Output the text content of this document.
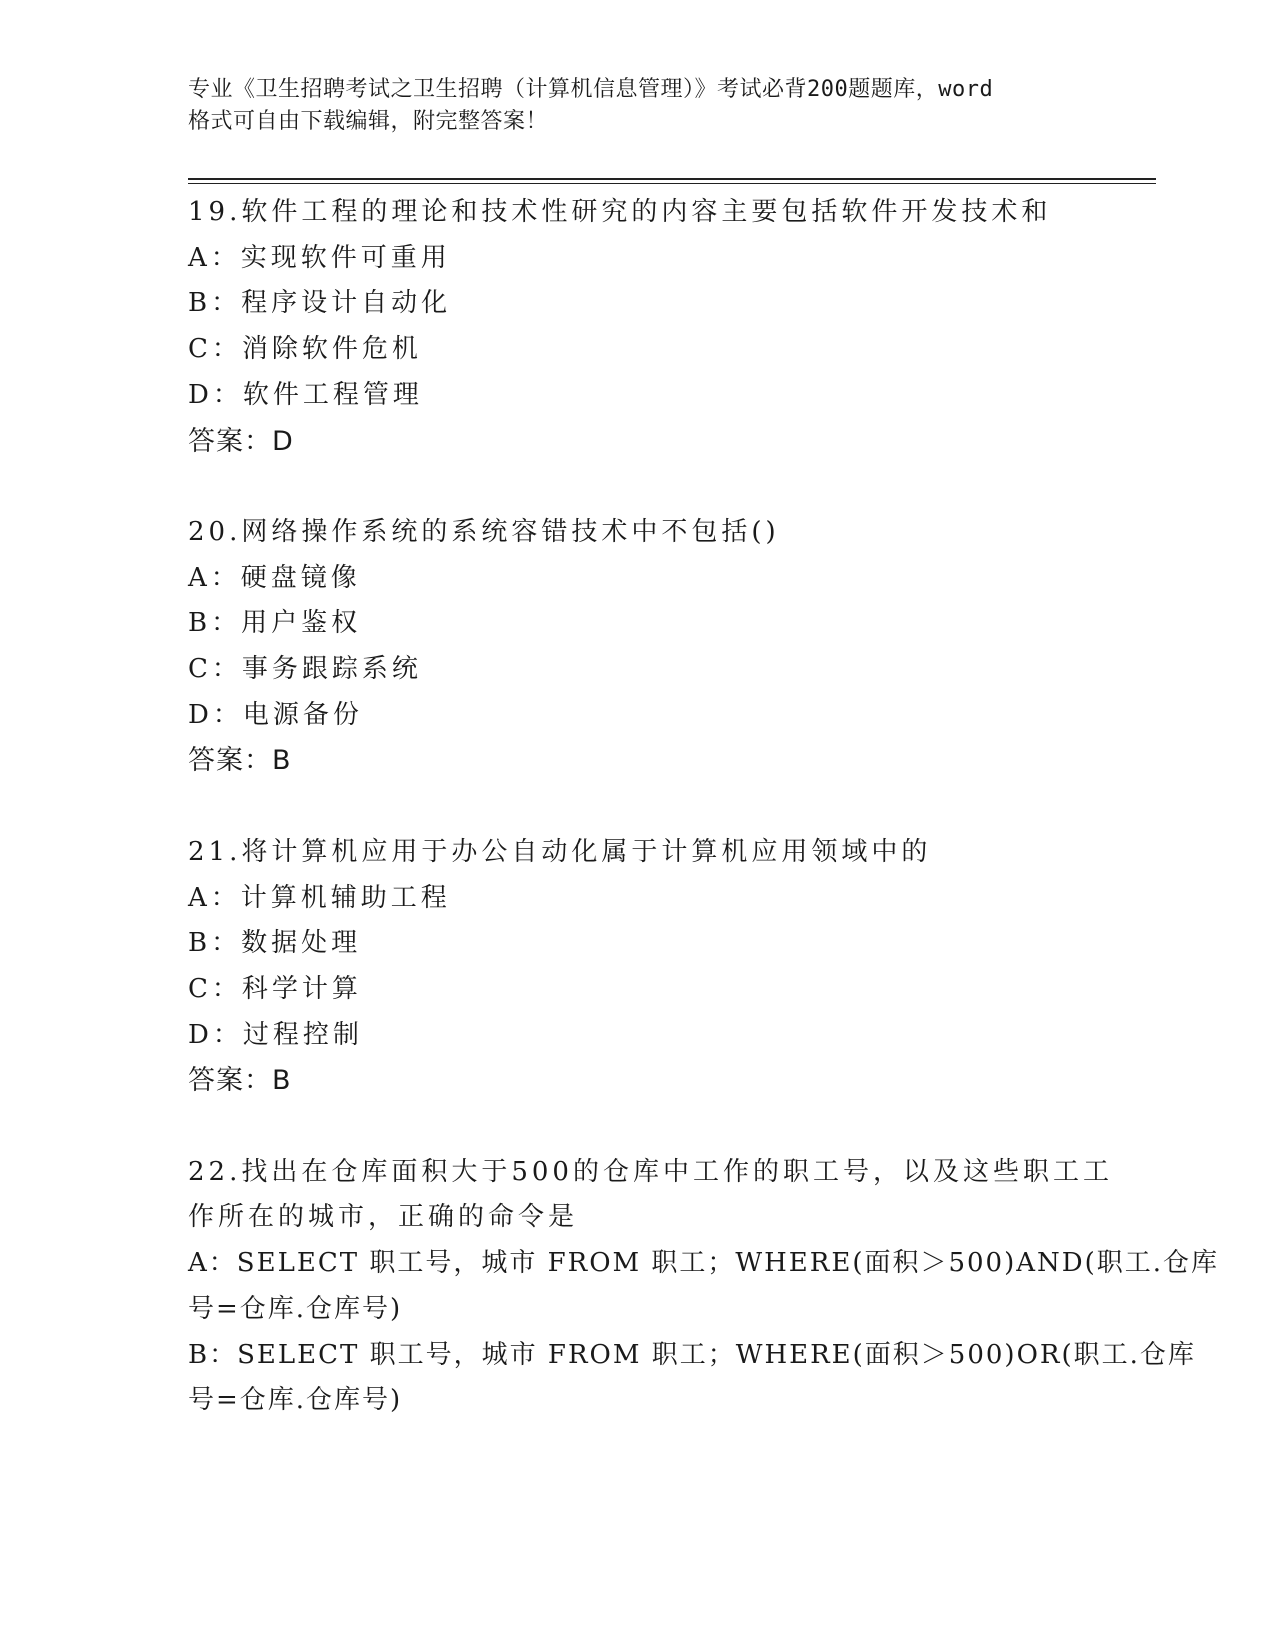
专业《卫生招聘考试之卫生招聘（计算机信息管理）》考试必背200题题库，word
格式可自由下载编辑，附完整答案！
19.软件工程的理论和技术性研究的内容主要包括软件开发技术和
A：实现软件可重用
B：程序设计自动化
C：消除软件危机
D：软件工程管理
答案：D
20.网络操作系统的系统容错技术中不包括()
A：硬盘镜像
B：用户鉴权
C：事务跟踪系统
D：电源备份
答案：B
21.将计算机应用于办公自动化属于计算机应用领域中的
A：计算机辅助工程
B：数据处理
C：科学计算
D：过程控制
答案：B
22.找出在仓库面积大于500的仓库中工作的职工号，以及这些职工工
作所在的城市，正确的命令是
A：SELECT 职工号，城市 FROM 职工；WHERE(面积＞500)AND(职工.仓库
号=仓库.仓库号)
B：SELECT 职工号，城市 FROM 职工；WHERE(面积＞500)OR(职工.仓库
号=仓库.仓库号)
